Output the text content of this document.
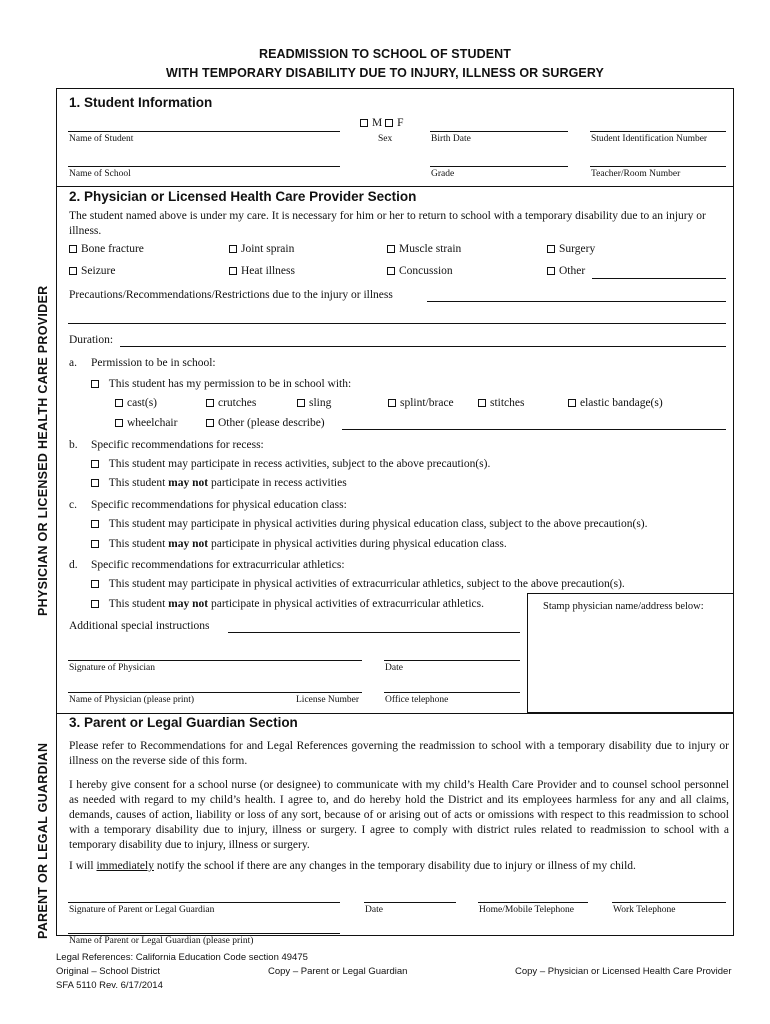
READMISSION TO SCHOOL OF STUDENT
WITH TEMPORARY DISABILITY DUE TO INJURY, ILLNESS OR SURGERY
PHYSICIAN OR LICENSED HEALTH CARE PROVIDER
PARENT OR LEGAL GUARDIAN
1. Student Information
M F
Name of Student	Sex	Birth Date	Student Identification Number
Name of School	Grade	Teacher/Room Number
2. Physician or Licensed Health Care Provider Section
The student named above is under my care. It is necessary for him or her to return to school with a temporary disability due to an injury or illness.
Bone fracture	Joint sprain	Muscle strain	Surgery
Seizure	Heat illness	Concussion	Other
Precautions/Recommendations/Restrictions due to the injury or illness
Duration:
a. Permission to be in school:
This student has my permission to be in school with:
cast(s)	crutches	sling	splint/brace	stitches	elastic bandage(s)
wheelchair	Other (please describe)
b. Specific recommendations for recess:
This student may participate in recess activities, subject to the above precaution(s).
This student may not participate in recess activities
c. Specific recommendations for physical education class:
This student may participate in physical activities during physical education class, subject to the above precaution(s).
This student may not participate in physical activities during physical education class.
d. Specific recommendations for extracurricular athletics:
This student may participate in physical activities of extracurricular athletics, subject to the above precaution(s).
This student may not participate in physical activities of extracurricular athletics.	Stamp physician name/address below:
Additional special instructions
Signature of Physician	Date
Name of Physician (please print)	License Number	Office telephone
3. Parent or Legal Guardian Section
Please refer to Recommendations for and Legal References governing the readmission to school with a temporary disability due to injury or illness on the reverse side of this form.
I hereby give consent for a school nurse (or designee) to communicate with my child’s Health Care Provider and to counsel school personnel as needed with regard to my child’s health. I agree to, and do hereby hold the District and its employees harmless for any and all claims, demands, causes of action, liability or loss of any sort, because of or arising out of acts or omissions with respect to this readmission to school with a temporary disability due to injury, illness or surgery. I agree to comply with district rules related to readmission to school with a temporary disability due to injury, illness or surgery.
I will immediately notify the school if there are any changes in the temporary disability due to injury or illness of my child.
Signature of Parent or Legal Guardian	Date	Home/Mobile Telephone	Work Telephone
Name of Parent or Legal Guardian (please print)
Legal References: California Education Code section 49475
Original – School District	Copy – Parent or Legal Guardian	Copy – Physician or Licensed Health Care Provider
SFA 5110 Rev. 6/17/2014
